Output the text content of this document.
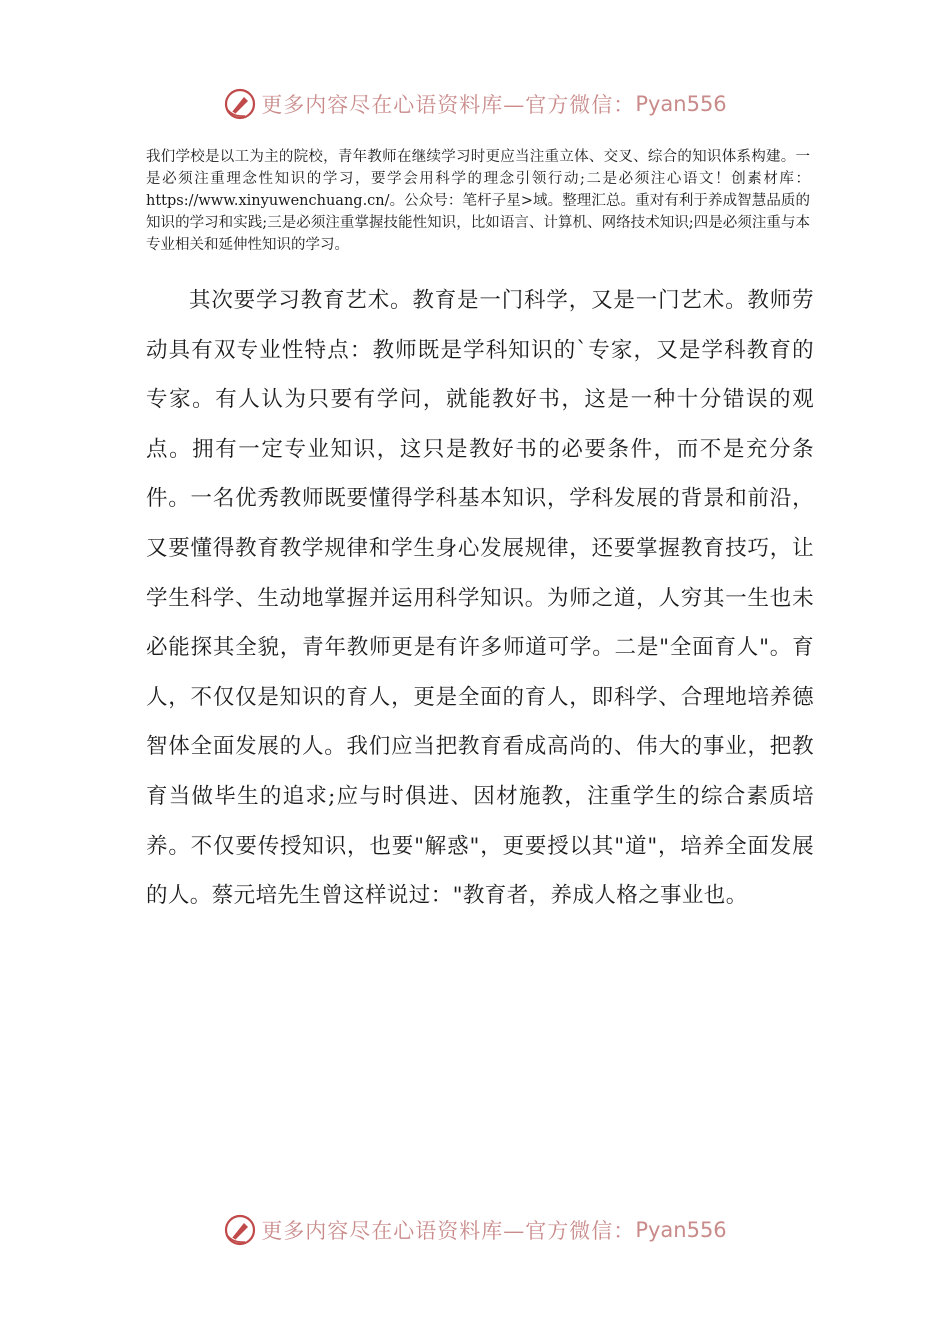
更多内容尽在心语资料库—官方微信： Pyan556

我们学校是以工为主的院校，青年教师在继续学习时更应当注重立体、交叉、综合的知识体系构建。一是必须注重理念性知识的学习，要学会用科学的理念引领行动;二是必须注心语文！创素材库：https://www.xinyuwenchuang.cn/。公众号：笔杆子星>域。整理汇总。重对有利于养成智慧品质的知识的学习和实践;三是必须注重掌握技能性知识，比如语言、计算机、网络技术知识;四是必须注重与本专业相关和延伸性知识的学习。

其次要学习教育艺术。教育是一门科学，又是一门艺术。教师劳动具有双专业性特点：教师既是学科知识的`专家，又是学科教育的专家。有人认为只要有学问，就能教好书，这是一种十分错误的观点。拥有一定专业知识，这只是教好书的必要条件，而不是充分条件。一名优秀教师既要懂得学科基本知识，学科发展的背景和前沿，又要懂得教育教学规律和学生身心发展规律，还要掌握教育技巧，让学生科学、生动地掌握并运用科学知识。为师之道，人穷其一生也未必能探其全貌，青年教师更是有许多师道可学。二是"全面育人"。育人，不仅仅是知识的育人，更是全面的育人，即科学、合理地培养德智体全面发展的人。我们应当把教育看成高尚的、伟大的事业，把教育当做毕生的追求;应与时俱进、因材施教，注重学生的综合素质培养。不仅要传授知识，也要"解惑"，更要授以其"道"，培养全面发展的人。蔡元培先生曾这样说过："教育者，养成人格之事业也。

更多内容尽在心语资料库—官方微信： Pyan556
